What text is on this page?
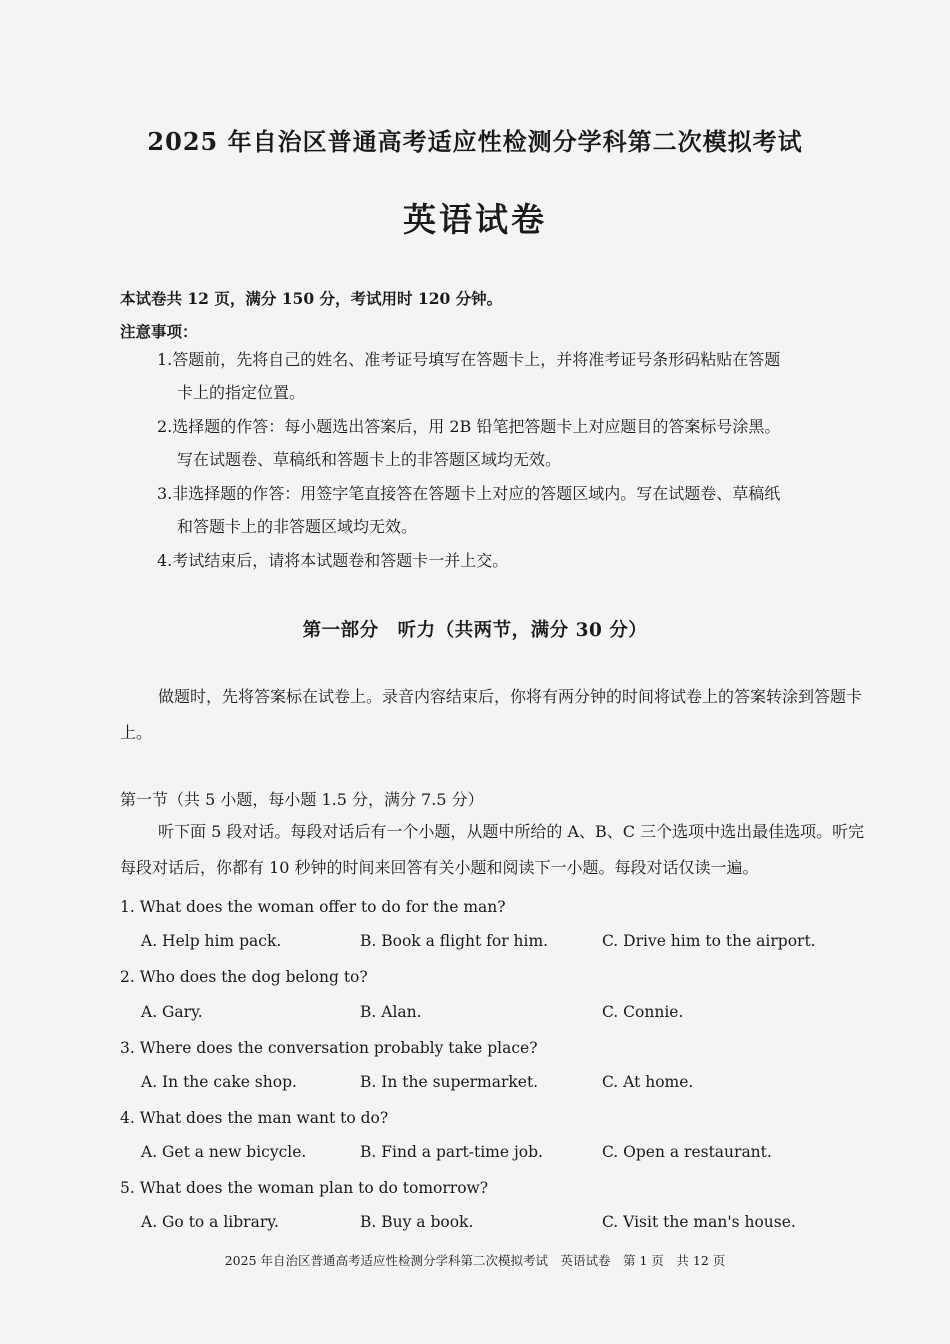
2025 年自治区普通高考适应性检测分学科第二次模拟考试
英语试卷
本试卷共 12 页，满分 150 分，考试用时 120 分钟。
注意事项：
1.答题前，先将自己的姓名、准考证号填写在答题卡上，并将准考证号条形码粘贴在答题
卡上的指定位置。
2.选择题的作答：每小题选出答案后，用 2B 铅笔把答题卡上对应题目的答案标号涂黑。
写在试题卷、草稿纸和答题卡上的非答题区域均无效。
3.非选择题的作答：用签字笔直接答在答题卡上对应的答题区域内。写在试题卷、草稿纸
和答题卡上的非答题区域均无效。
4.考试结束后，请将本试题卷和答题卡一并上交。
第一部分　听力（共两节，满分 30 分）
做题时，先将答案标在试卷上。录音内容结束后，你将有两分钟的时间将试卷上的答案转涂到答题卡上。
第一节（共 5 小题，每小题 1.5 分，满分 7.5 分）
听下面 5 段对话。每段对话后有一个小题，从题中所给的 A、B、C 三个选项中选出最佳选项。听完每段对话后，你都有 10 秒钟的时间来回答有关小题和阅读下一小题。每段对话仅读一遍。
1. What does the woman offer to do for the man?
A. Help him pack.	B. Book a flight for him.	C. Drive him to the airport.
2. Who does the dog belong to?
A. Gary.	B. Alan.	C. Connie.
3. Where does the conversation probably take place?
A. In the cake shop.	B. In the supermarket.	C. At home.
4. What does the man want to do?
A. Get a new bicycle.	B. Find a part-time job.	C. Open a restaurant.
5. What does the woman plan to do tomorrow?
A. Go to a library.	B. Buy a book.	C. Visit the man's house.
2025 年自治区普通高考适应性检测分学科第二次模拟考试　英语试卷　第 1 页　共 12 页
